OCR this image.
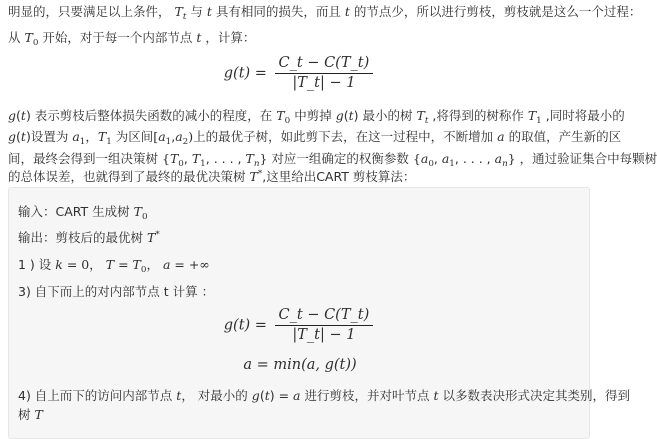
明显的，只要满足以上条件， $T_t$ 与 t 具有相同的损失，而且 t 的节点少，所以进行剪枝，剪枝就是这么一个过程：
从 $T_0$ 开始，对于每一个内部节点 t ，计算：
$g(t) = \frac{C\_t - C(T\_t)}{|T\_t| - 1}$
g(t) 表示剪枝后整体损失函数的减小的程度，在 $T_0$ 中剪掉 g(t) 最小的树 $T_t$ ,将得到的树称作 $T_1$ ,同时将最小的
g(t)设置为 $a_1$，$T_1$ 为区间$[a_1,a_2)$上的最优子树，如此剪下去，在这一过程中，不断增加 a 的取值，产生新的区
间，最终会得到一组决策树 {$T_0$, $T_1$, . . . , $T_n$} 对应一组确定的权衡参数 {$a_0$, $a_1$, . . . , $a_n$} ，通过验证集合中每颗树
的总体误差，也就得到了最终的最优决策树 T*,这里给出CART 剪枝算法：
输入：CART 生成树 $T_0$
输出：剪枝后的最优树 T*
1 ) 设 k = 0， $T = T_0$， a = +∞
3) 自下而上的对内部节点 t 计算 ：
$g(t) = \frac{C\_t - C(T\_t)}{|T\_t| - 1}$
a = min(a, g(t))
4) 自上而下的访问内部节点 t， 对最小的 g(t) = a 进行剪枝，并对叶节点 t 以多数表决形式决定其类别，得到
树 T
